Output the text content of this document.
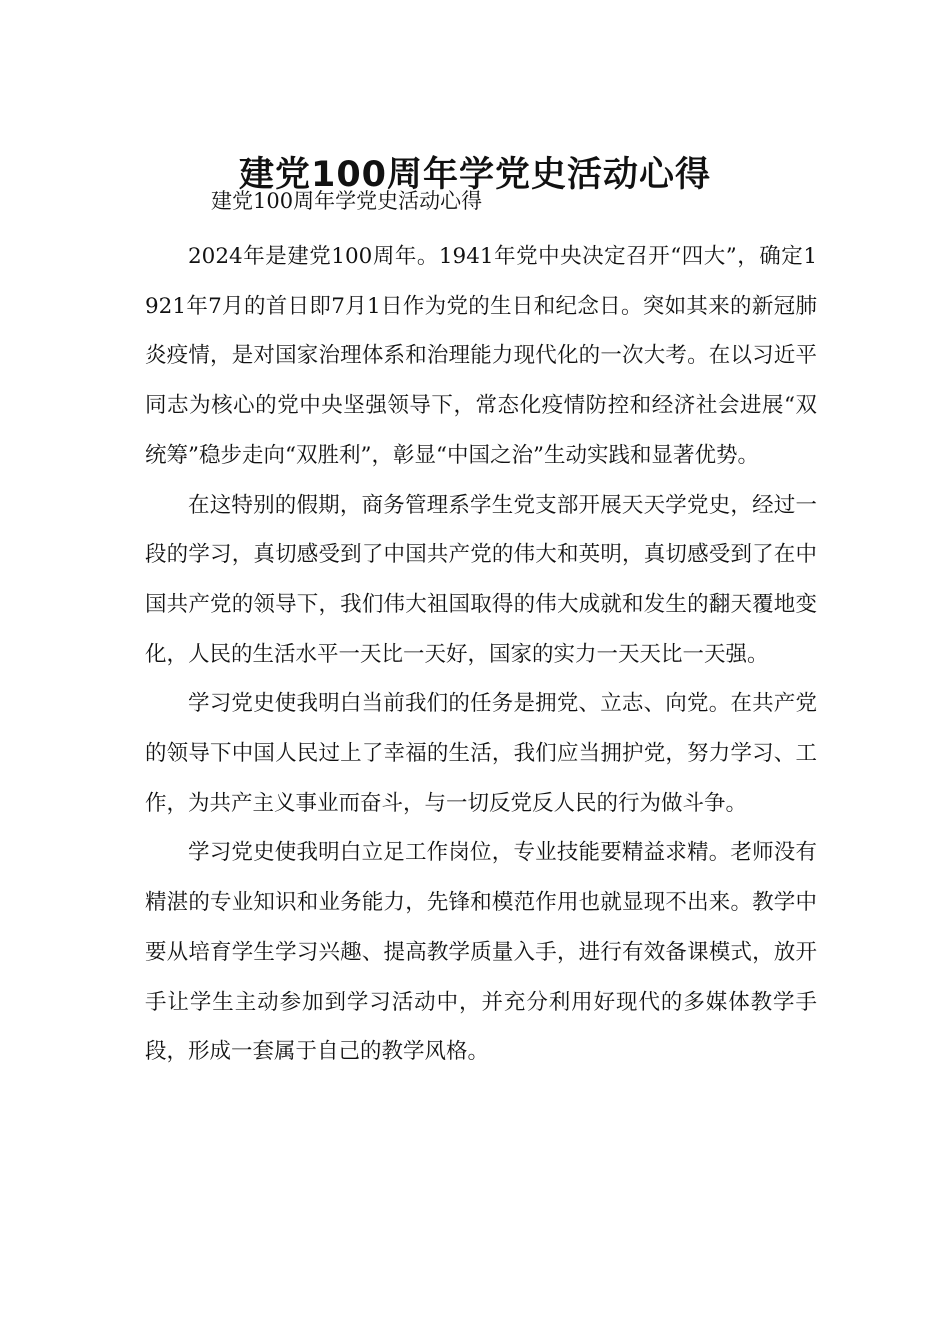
建党100周年学党史活动心得
建党100周年学党史活动心得

2024年是建党100周年。1941年党中央决定召开“四大”，确定1921年7月的首日即7月1日作为党的生日和纪念日。突如其来的新冠肺炎疫情，是对国家治理体系和治理能力现代化的一次大考。在以习近平同志为核心的党中央坚强领导下，常态化疫情防控和经济社会进展“双统筹”稳步走向“双胜利”，彰显“中国之治”生动实践和显著优势。

在这特别的假期，商务管理系学生党支部开展天天学党史，经过一段的学习，真切感受到了中国共产党的伟大和英明，真切感受到了在中国共产党的领导下，我们伟大祖国取得的伟大成就和发生的翻天覆地变化，人民的生活水平一天比一天好，国家的实力一天天比一天强。

学习党史使我明白当前我们的任务是拥党、立志、向党。在共产党的领导下中国人民过上了幸福的生活，我们应当拥护党，努力学习、工作，为共产主义事业而奋斗，与一切反党反人民的行为做斗争。

学习党史使我明白立足工作岗位，专业技能要精益求精。老师没有精湛的专业知识和业务能力，先锋和模范作用也就显现不出来。教学中要从培育学生学习兴趣、提高教学质量入手，进行有效备课模式，放开手让学生主动参加到学习活动中，并充分利用好现代的多媒体教学手段，形成一套属于自己的教学风格。
